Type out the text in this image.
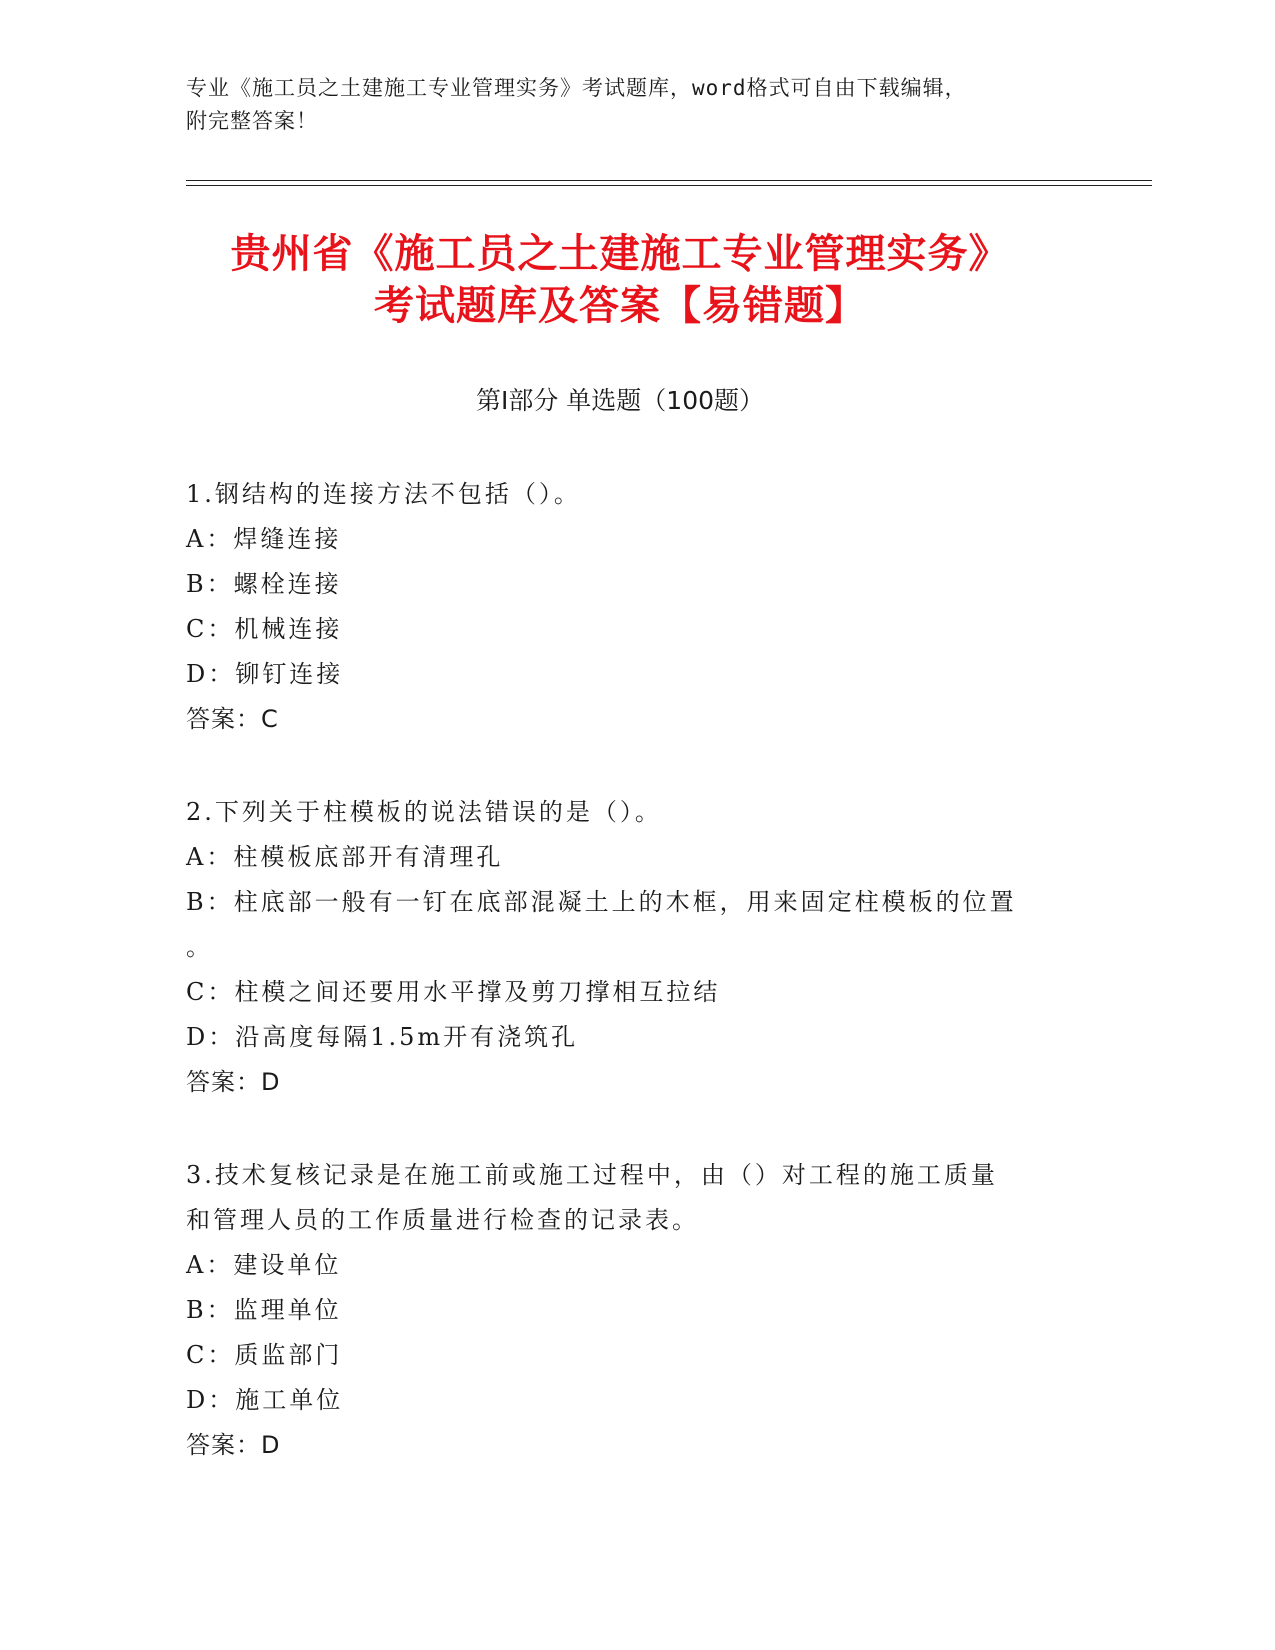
专业《施工员之土建施工专业管理实务》考试题库，word格式可自由下载编辑，
附完整答案！
贵州省《施工员之土建施工专业管理实务》
考试题库及答案【易错题】
第Ⅰ部分 单选题（100题）
1.钢结构的连接方法不包括（）。
A：焊缝连接
B：螺栓连接
C：机械连接
D：铆钉连接
答案：C
2.下列关于柱模板的说法错误的是（）。
A：柱模板底部开有清理孔
B：柱底部一般有一钉在底部混凝土上的木框，用来固定柱模板的位置
。
C：柱模之间还要用水平撑及剪刀撑相互拉结
D：沿高度每隔1.5m开有浇筑孔
答案：D
3.技术复核记录是在施工前或施工过程中，由（）对工程的施工质量
和管理人员的工作质量进行检查的记录表。
A：建设单位
B：监理单位
C：质监部门
D：施工单位
答案：D
